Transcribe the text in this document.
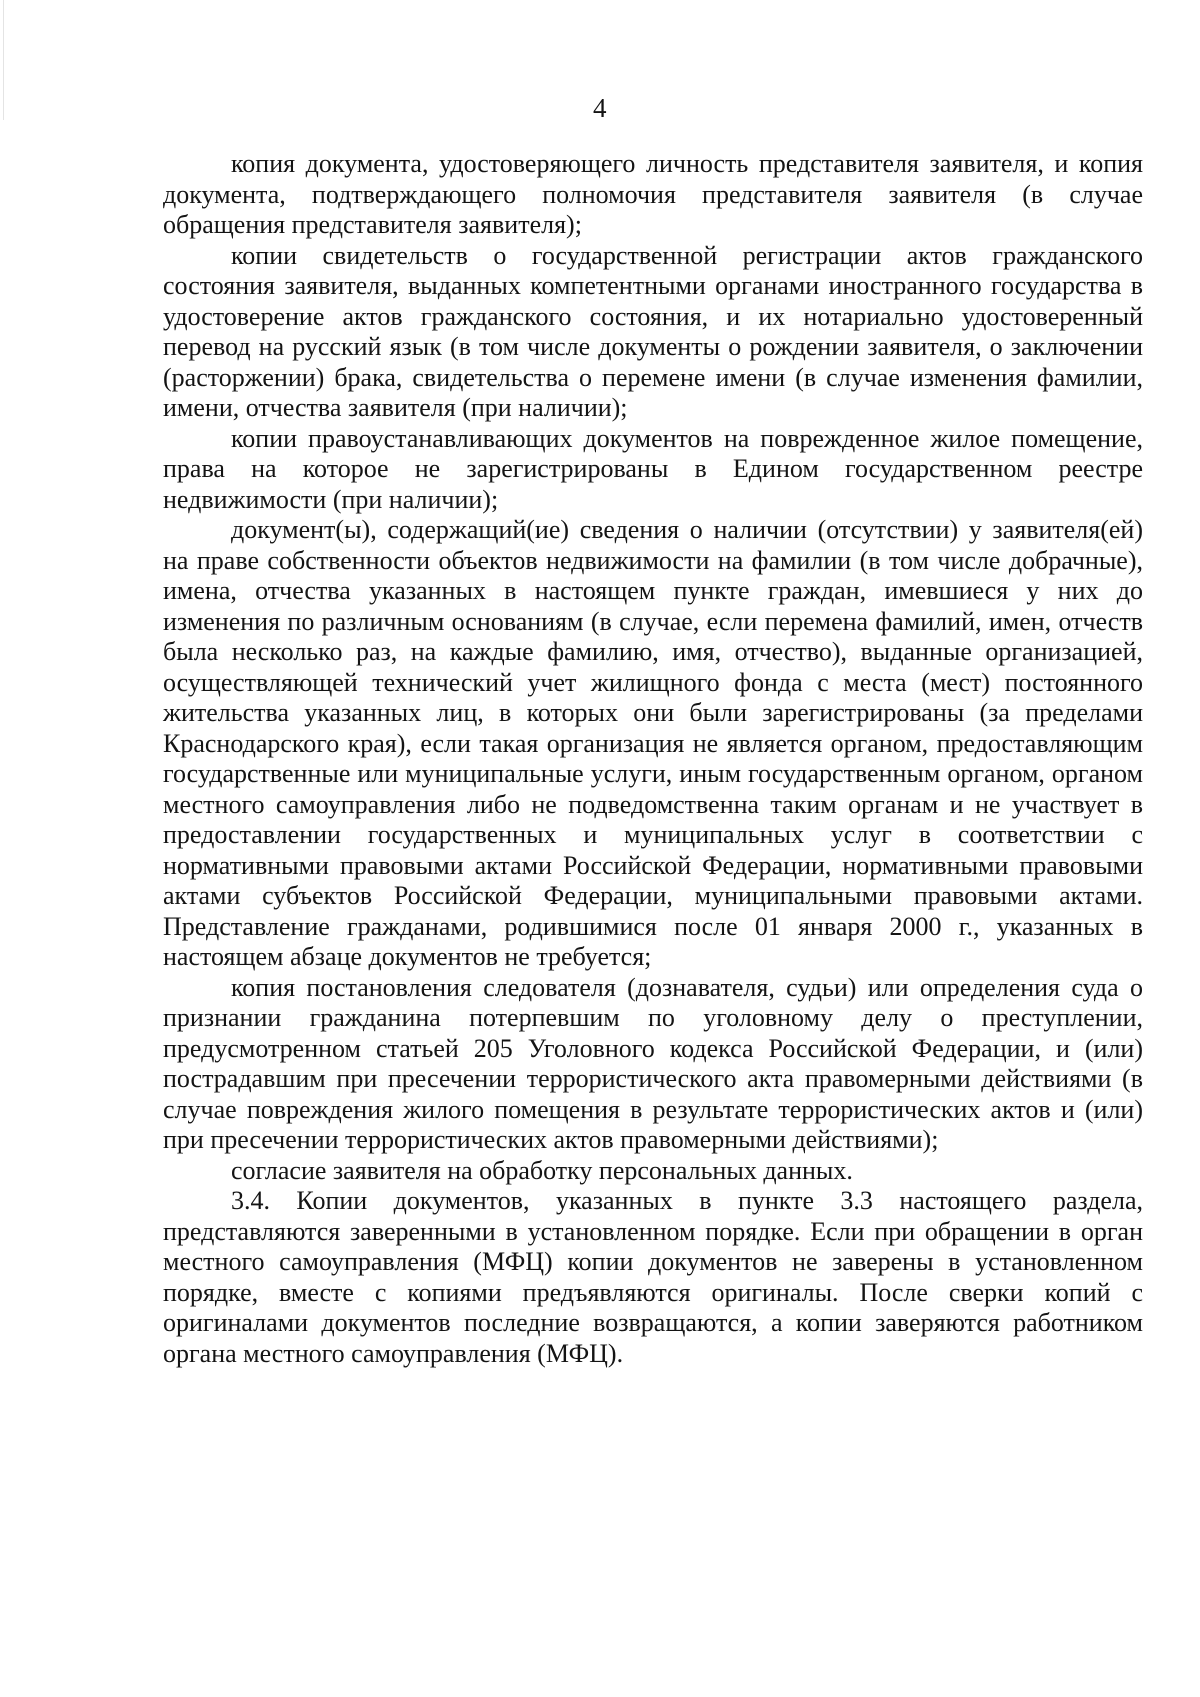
4

копия документа, удостоверяющего личность представителя заявителя, и копия документа, подтверждающего полномочия представителя заявителя (в случае обращения представителя заявителя);

копии свидетельств о государственной регистрации актов гражданского состояния заявителя, выданных компетентными органами иностранного государства в удостоверение актов гражданского состояния, и их нотариально удостоверенный перевод на русский язык (в том числе документы о рождении заявителя, о заключении (расторжении) брака, свидетельства о перемене имени (в случае изменения фамилии, имени, отчества заявителя (при наличии);

копии правоустанавливающих документов на поврежденное жилое помещение, права на которое не зарегистрированы в Едином государственном реестре недвижимости (при наличии);

документ(ы), содержащий(ие) сведения о наличии (отсутствии) у заявителя(ей) на праве собственности объектов недвижимости на фамилии (в том числе добрачные), имена, отчества указанных в настоящем пункте граждан, имевшиеся у них до изменения по различным основаниям (в случае, если перемена фамилий, имен, отчеств была несколько раз, на каждые фамилию, имя, отчество), выданные организацией, осуществляющей технический учет жилищного фонда с места (мест) постоянного жительства указанных лиц, в которых они были зарегистрированы (за пределами Краснодарского края), если такая организация не является органом, предоставляющим государственные или муниципальные услуги, иным государственным органом, органом местного самоуправления либо не подведомственна таким органам и не участвует в предоставлении государственных и муниципальных услуг в соответствии с нормативными правовыми актами Российской Федерации, нормативными правовыми актами субъектов Российской Федерации, муниципальными правовыми актами. Представление гражданами, родившимися после 01 января 2000 г., указанных в настоящем абзаце документов не требуется;

копия постановления следователя (дознавателя, судьи) или определения суда о признании гражданина потерпевшим по уголовному делу о преступлении, предусмотренном статьей 205 Уголовного кодекса Российской Федерации, и (или) пострадавшим при пресечении террористического акта правомерными действиями (в случае повреждения жилого помещения в результате террористических актов и (или) при пресечении террористических актов правомерными действиями);

согласие заявителя на обработку персональных данных.

3.4. Копии документов, указанных в пункте 3.3 настоящего раздела, представляются заверенными в установленном порядке. Если при обращении в орган местного самоуправления (МФЦ) копии документов не заверены в установленном порядке, вместе с копиями предъявляются оригиналы. После сверки копий с оригиналами документов последние возвращаются, а копии заверяются работником органа местного самоуправления (МФЦ).
